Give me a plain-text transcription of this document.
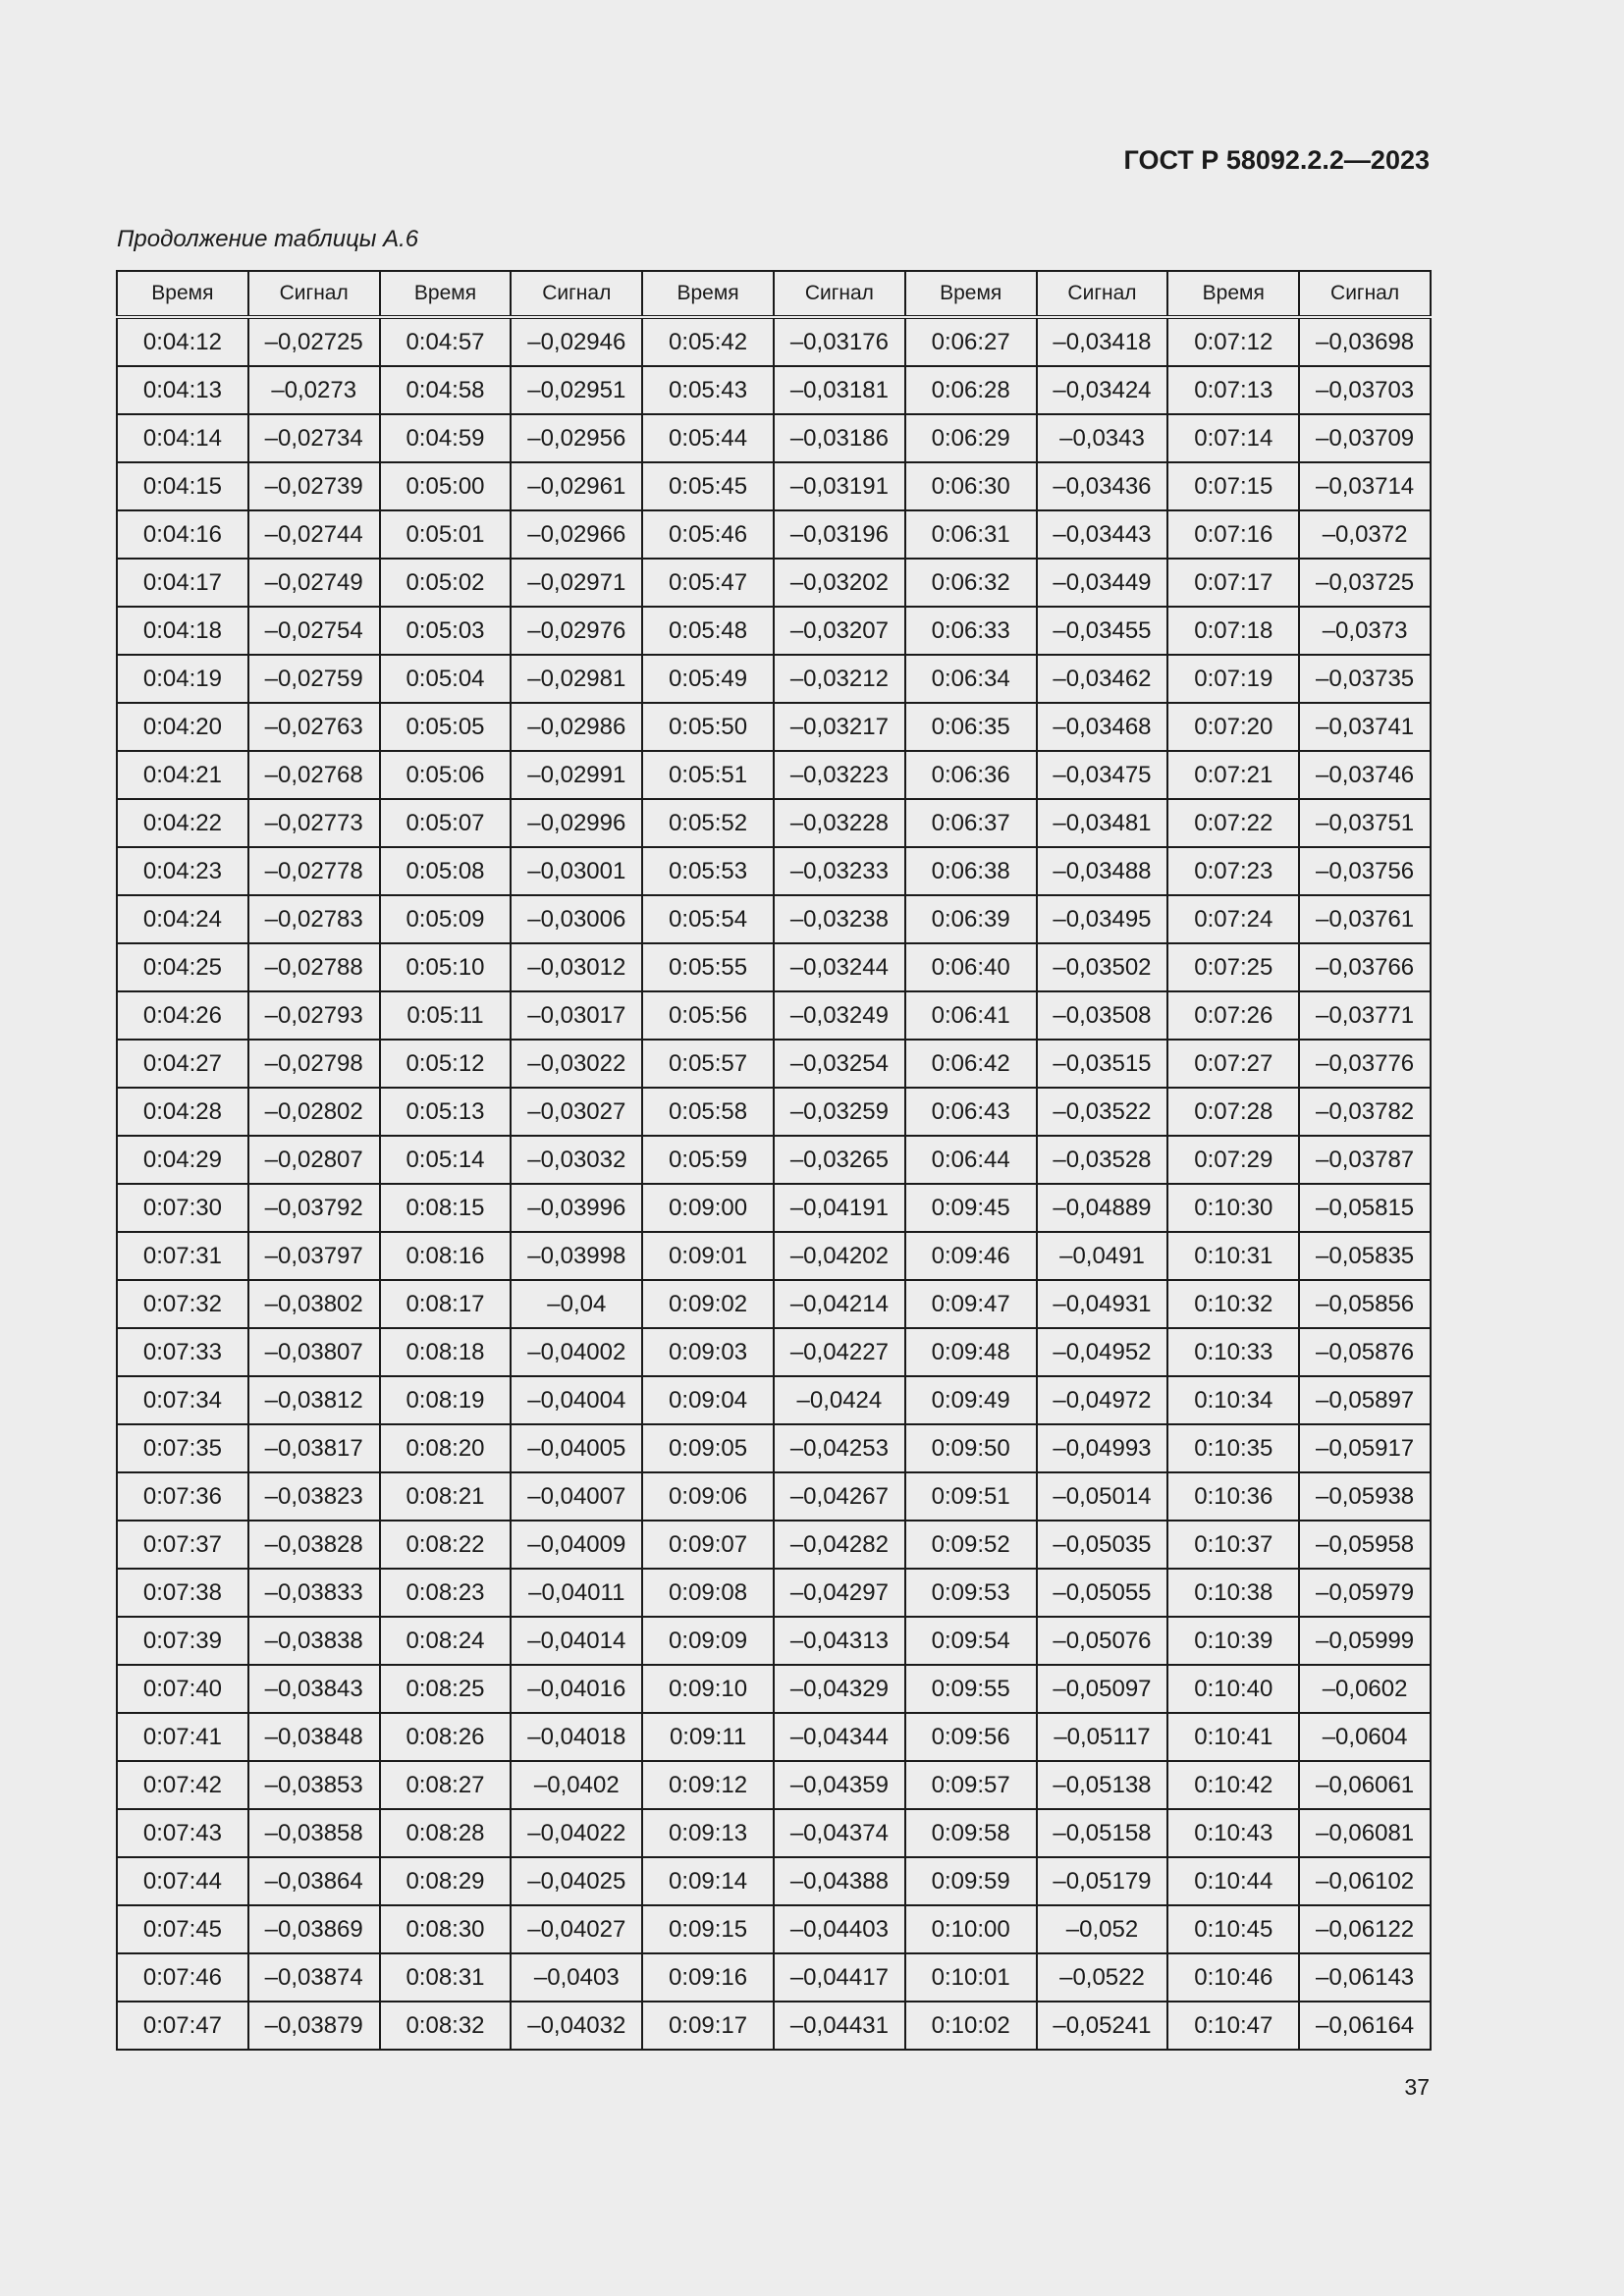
ГОСТ Р 58092.2.2—2023
Продолжение таблицы А.6
Время	Сигнал	Время	Сигнал	Время	Сигнал	Время	Сигнал	Время	Сигнал
0:04:12	–0,02725	0:04:57	–0,02946	0:05:42	–0,03176	0:06:27	–0,03418	0:07:12	–0,03698
0:04:13	–0,0273	0:04:58	–0,02951	0:05:43	–0,03181	0:06:28	–0,03424	0:07:13	–0,03703
0:04:14	–0,02734	0:04:59	–0,02956	0:05:44	–0,03186	0:06:29	–0,0343	0:07:14	–0,03709
0:04:15	–0,02739	0:05:00	–0,02961	0:05:45	–0,03191	0:06:30	–0,03436	0:07:15	–0,03714
0:04:16	–0,02744	0:05:01	–0,02966	0:05:46	–0,03196	0:06:31	–0,03443	0:07:16	–0,0372
0:04:17	–0,02749	0:05:02	–0,02971	0:05:47	–0,03202	0:06:32	–0,03449	0:07:17	–0,03725
0:04:18	–0,02754	0:05:03	–0,02976	0:05:48	–0,03207	0:06:33	–0,03455	0:07:18	–0,0373
0:04:19	–0,02759	0:05:04	–0,02981	0:05:49	–0,03212	0:06:34	–0,03462	0:07:19	–0,03735
0:04:20	–0,02763	0:05:05	–0,02986	0:05:50	–0,03217	0:06:35	–0,03468	0:07:20	–0,03741
0:04:21	–0,02768	0:05:06	–0,02991	0:05:51	–0,03223	0:06:36	–0,03475	0:07:21	–0,03746
0:04:22	–0,02773	0:05:07	–0,02996	0:05:52	–0,03228	0:06:37	–0,03481	0:07:22	–0,03751
0:04:23	–0,02778	0:05:08	–0,03001	0:05:53	–0,03233	0:06:38	–0,03488	0:07:23	–0,03756
0:04:24	–0,02783	0:05:09	–0,03006	0:05:54	–0,03238	0:06:39	–0,03495	0:07:24	–0,03761
0:04:25	–0,02788	0:05:10	–0,03012	0:05:55	–0,03244	0:06:40	–0,03502	0:07:25	–0,03766
0:04:26	–0,02793	0:05:11	–0,03017	0:05:56	–0,03249	0:06:41	–0,03508	0:07:26	–0,03771
0:04:27	–0,02798	0:05:12	–0,03022	0:05:57	–0,03254	0:06:42	–0,03515	0:07:27	–0,03776
0:04:28	–0,02802	0:05:13	–0,03027	0:05:58	–0,03259	0:06:43	–0,03522	0:07:28	–0,03782
0:04:29	–0,02807	0:05:14	–0,03032	0:05:59	–0,03265	0:06:44	–0,03528	0:07:29	–0,03787
0:07:30	–0,03792	0:08:15	–0,03996	0:09:00	–0,04191	0:09:45	–0,04889	0:10:30	–0,05815
0:07:31	–0,03797	0:08:16	–0,03998	0:09:01	–0,04202	0:09:46	–0,0491	0:10:31	–0,05835
0:07:32	–0,03802	0:08:17	–0,04	0:09:02	–0,04214	0:09:47	–0,04931	0:10:32	–0,05856
0:07:33	–0,03807	0:08:18	–0,04002	0:09:03	–0,04227	0:09:48	–0,04952	0:10:33	–0,05876
0:07:34	–0,03812	0:08:19	–0,04004	0:09:04	–0,0424	0:09:49	–0,04972	0:10:34	–0,05897
0:07:35	–0,03817	0:08:20	–0,04005	0:09:05	–0,04253	0:09:50	–0,04993	0:10:35	–0,05917
0:07:36	–0,03823	0:08:21	–0,04007	0:09:06	–0,04267	0:09:51	–0,05014	0:10:36	–0,05938
0:07:37	–0,03828	0:08:22	–0,04009	0:09:07	–0,04282	0:09:52	–0,05035	0:10:37	–0,05958
0:07:38	–0,03833	0:08:23	–0,04011	0:09:08	–0,04297	0:09:53	–0,05055	0:10:38	–0,05979
0:07:39	–0,03838	0:08:24	–0,04014	0:09:09	–0,04313	0:09:54	–0,05076	0:10:39	–0,05999
0:07:40	–0,03843	0:08:25	–0,04016	0:09:10	–0,04329	0:09:55	–0,05097	0:10:40	–0,0602
0:07:41	–0,03848	0:08:26	–0,04018	0:09:11	–0,04344	0:09:56	–0,05117	0:10:41	–0,0604
0:07:42	–0,03853	0:08:27	–0,0402	0:09:12	–0,04359	0:09:57	–0,05138	0:10:42	–0,06061
0:07:43	–0,03858	0:08:28	–0,04022	0:09:13	–0,04374	0:09:58	–0,05158	0:10:43	–0,06081
0:07:44	–0,03864	0:08:29	–0,04025	0:09:14	–0,04388	0:09:59	–0,05179	0:10:44	–0,06102
0:07:45	–0,03869	0:08:30	–0,04027	0:09:15	–0,04403	0:10:00	–0,052	0:10:45	–0,06122
0:07:46	–0,03874	0:08:31	–0,0403	0:09:16	–0,04417	0:10:01	–0,0522	0:10:46	–0,06143
0:07:47	–0,03879	0:08:32	–0,04032	0:09:17	–0,04431	0:10:02	–0,05241	0:10:47	–0,06164
37
